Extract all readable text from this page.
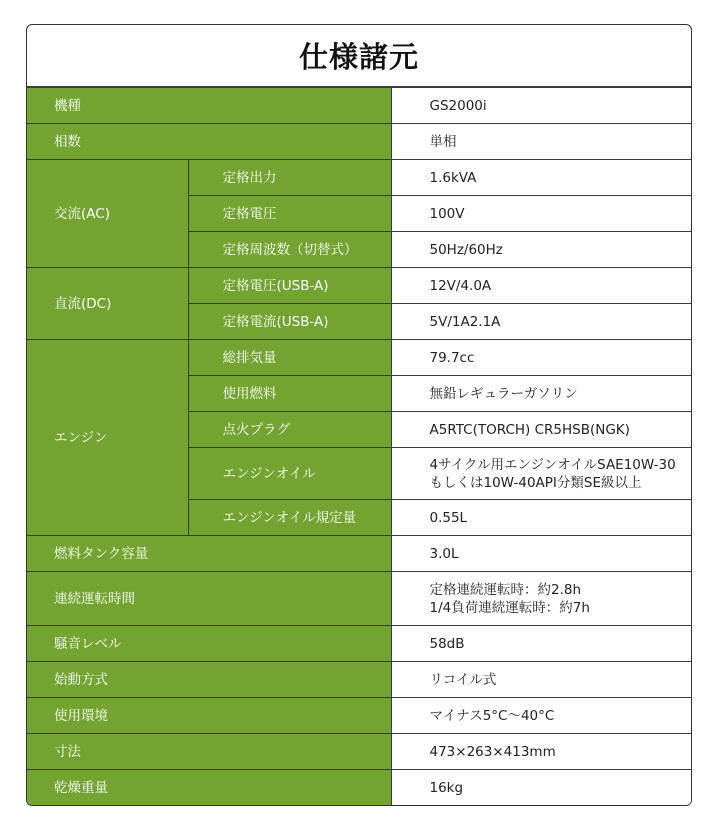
仕様諸元
機種		GS2000i
相数		単相
交流(AC)	定格出力	1.6kVA
	定格電圧	100V
	定格周波数（切替式）	50Hz/60Hz
直流(DC)	定格電圧(USB-A)	12V/4.0A
	定格電流(USB-A)	5V/1A2.1A
エンジン	総排気量	79.7cc
	使用燃料	無鉛レギュラーガソリン
	点火プラグ	A5RTC(TORCH) CR5HSB(NGK)
	エンジンオイル	4サイクル用エンジンオイルSAE10W-30
もしくは10W-40API分類SE級以上
	エンジンオイル規定量	0.55L
燃料タンク容量		3.0L
連続運転時間		定格連続運転時：約2.8h
1/4負荷連続運転時：約7h
騒音レベル		58dB
始動方式		リコイル式
使用環境		マイナス5°C〜40°C
寸法		473×263×413mm
乾燥重量		16kg
